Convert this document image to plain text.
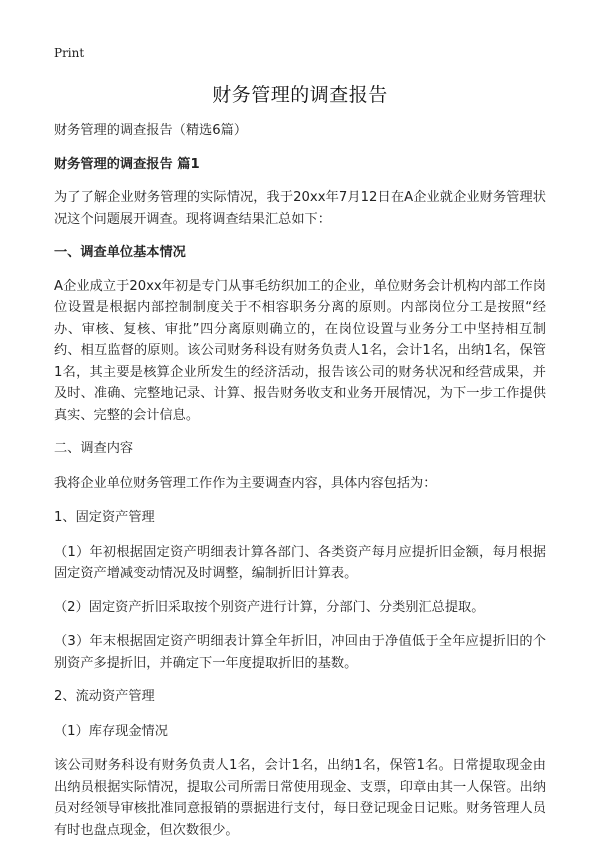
Print
财务管理的调查报告

财务管理的调查报告（精选6篇）

财务管理的调查报告 篇1

为了了解企业财务管理的实际情况，我于20xx年7月12日在A企业就企业财务管理状况这个问题展开调查。现将调查结果汇总如下：

一、调查单位基本情况

A企业成立于20xx年初是专门从事毛纺织加工的企业，单位财务会计机构内部工作岗位设置是根据内部控制制度关于不相容职务分离的原则。内部岗位分工是按照“经办、审核、复核、审批”四分离原则确立的，在岗位设置与业务分工中坚持相互制约、相互监督的原则。该公司财务科设有财务负责人1名，会计1名，出纳1名，保管1名，其主要是核算企业所发生的经济活动，报告该公司的财务状况和经营成果，并及时、准确、完整地记录、计算、报告财务收支和业务开展情况，为下一步工作提供真实、完整的会计信息。

二、调查内容

我将企业单位财务管理工作作为主要调查内容，具体内容包括为：

1、固定资产管理

（1）年初根据固定资产明细表计算各部门、各类资产每月应提折旧金额，每月根据固定资产增减变动情况及时调整，编制折旧计算表。

（2）固定资产折旧采取按个别资产进行计算，分部门、分类别汇总提取。

（3）年末根据固定资产明细表计算全年折旧，冲回由于净值低于全年应提折旧的个别资产多提折旧，并确定下一年度提取折旧的基数。

2、流动资产管理

（1）库存现金情况

该公司财务科设有财务负责人1名，会计1名，出纳1名，保管1名。日常提取现金由出纳员根据实际情况，提取公司所需日常使用现金、支票，印章由其一人保管。出纳员对经领导审核批准同意报销的票据进行支付，每日登记现金日记账。财务管理人员有时也盘点现金，但次数很少。
